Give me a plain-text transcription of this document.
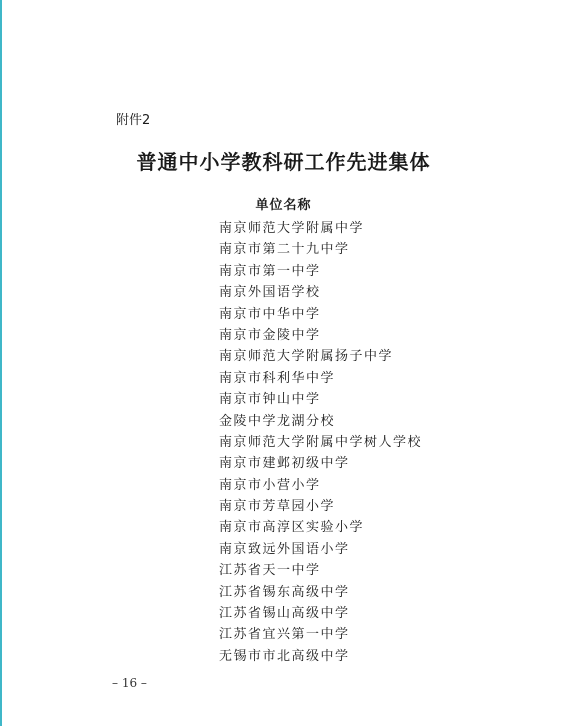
附件2
普通中小学教科研工作先进集体
单位名称
南京师范大学附属中学
南京市第二十九中学
南京市第一中学
南京外国语学校
南京市中华中学
南京市金陵中学
南京师范大学附属扬子中学
南京市科利华中学
南京市钟山中学
金陵中学龙湖分校
南京师范大学附属中学树人学校
南京市建邺初级中学
南京市小营小学
南京市芳草园小学
南京市高淳区实验小学
南京致远外国语小学
江苏省天一中学
江苏省锡东高级中学
江苏省锡山高级中学
江苏省宜兴第一中学
无锡市市北高级中学
– 16 –
